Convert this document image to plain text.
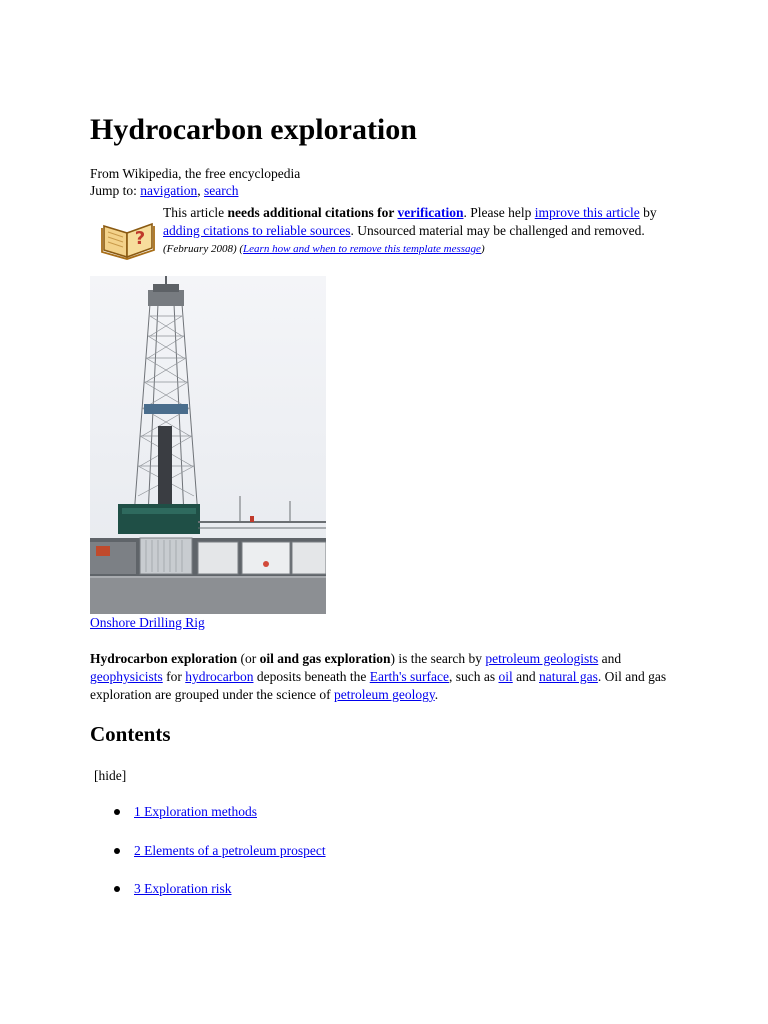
Hydrocarbon exploration
From Wikipedia, the free encyclopedia
Jump to: navigation, search
?
This article needs additional citations for verification. Please help improve this article by adding citations to reliable sources. Unsourced material may be challenged and removed. (February 2008) (Learn how and when to remove this template message)
Onshore Drilling Rig
Hydrocarbon exploration (or oil and gas exploration) is the search by petroleum geologists and geophysicists for hydrocarbon deposits beneath the Earth's surface, such as oil and natural gas. Oil and gas exploration are grouped under the science of petroleum geology.
Contents
[hide]
1 Exploration methods
2 Elements of a petroleum prospect
3 Exploration risk
